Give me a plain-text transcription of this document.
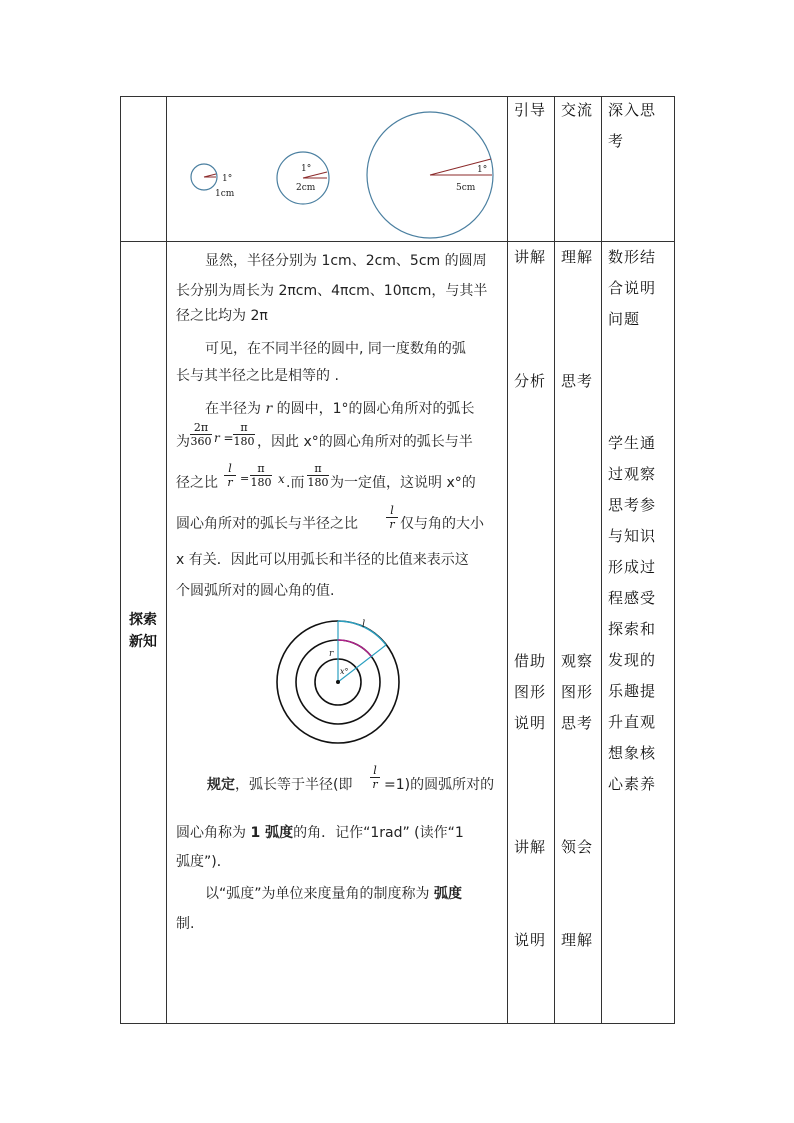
1°
1cm
1°
2cm
1°
5cm
引导 交流 深入思
考
探索
新知
显然，半径分别为 1cm、2cm、5cm 的圆周
长分别为周长为 2πcm、4πcm、10πcm，与其半
径之比均为 2π
可见，在不同半径的圆中, 同一度数角的弧
长与其半径之比是相等的 .
在半径为 r 的圆中，1°的圆心角所对的弧长
为 $\frac{2\pi}{360}$ $r = \frac{\pi}{180}$ ，因此 x°的圆心角所对的弧长与半
径之比 $\frac{l}{r} = \frac{\pi}{180}$ x .而 $\frac{\pi}{180}$ 为一定值，这说明 x°的
圆心角所对的弧长与半径之比	$\frac{l}{r}$ 仅与角的大小
x 有关．因此可以用弧长和半径的比值来表示这
个圆弧所对的圆心角的值.
l
r
x°
规定，弧长等于半径(即	$\frac{l}{r} =1$)的圆弧所对的
圆心角称为 1 弧度的角．记作“1rad” (读作“1
弧度”)．
以“弧度”为单位来度量角的制度称为 弧度
制.
讲解
分析
借助
图形
说明
讲解
说明
理解
思考
观察
图形
思考
领会
理解
数形结
合说明
问题
学生通
过观察
思考参
与知识
形成过
程感受
探索和
发现的
乐趣提
升直观
想象核
心素养
